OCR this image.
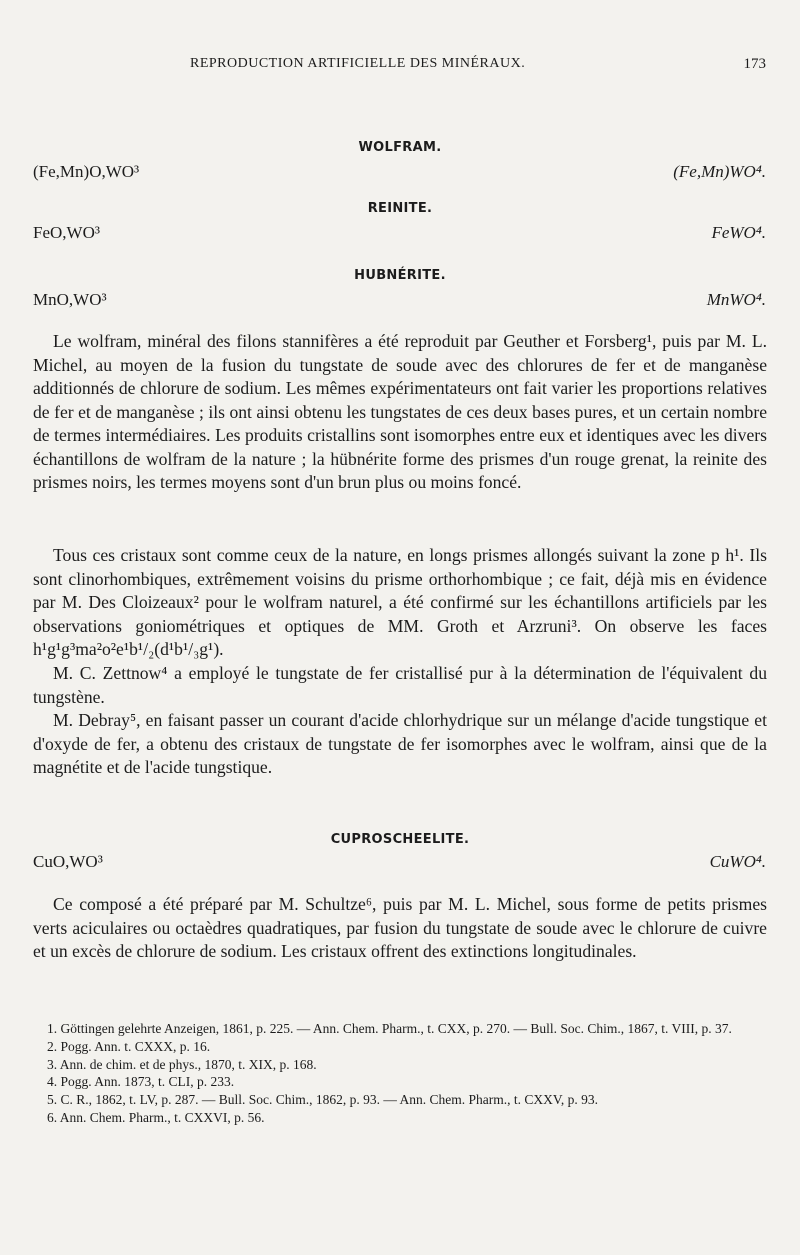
REPRODUCTION ARTIFICIELLE DES MINÉRAUX.	173
WOLFRAM.
(Fe,Mn)O,WO³	(Fe,Mn)WO⁴.
REINITE.
FeO,WO³	FeWO⁴.
HUBNÉRITE.
MnO,WO³	MnWO⁴.

Le wolfram, minéral des filons stannifères a été reproduit par Geuther et Forsberg¹, puis par M. L. Michel, au moyen de la fusion du tungstate de soude avec des chlorures de fer et de manganèse additionnés de chlorure de sodium. Les mêmes expérimentateurs ont fait varier les proportions relatives de fer et de manganèse ; ils ont ainsi obtenu les tungstates de ces deux bases pures, et un certain nombre de termes intermédiaires. Les produits cristallins sont isomorphes entre eux et identiques avec les divers échantillons de wolfram de la nature ; la hübnérite forme des prismes d'un rouge grenat, la reinite des prismes noirs, les termes moyens sont d'un brun plus ou moins foncé.

Tous ces cristaux sont comme ceux de la nature, en longs prismes allongés suivant la zone p h¹. Ils sont clinorhombiques, extrêmement voisins du prisme orthorhombique ; ce fait, déjà mis en évidence par M. Des Cloizeaux² pour le wolfram naturel, a été confirmé sur les échantillons artificiels par les observations goniométriques et optiques de MM. Groth et Arzruni³. On observe les faces h¹g¹g³ma²o²e¹b¹/₂(d¹b¹/₃g¹).

M. C. Zettnow⁴ a employé le tungstate de fer cristallisé pur à la détermination de l'équivalent du tungstène.

M. Debray⁵, en faisant passer un courant d'acide chlorhydrique sur un mélange d'acide tungstique et d'oxyde de fer, a obtenu des cristaux de tungstate de fer isomorphes avec le wolfram, ainsi que de la magnétite et de l'acide tungstique.

CUPROSCHEELITE.
CuO,WO³	CuWO⁴.

Ce composé a été préparé par M. Schultze⁶, puis par M. L. Michel, sous forme de petits prismes verts aciculaires ou octaèdres quadratiques, par fusion du tungstate de soude avec le chlorure de cuivre et un excès de chlorure de sodium. Les cristaux offrent des extinctions longitudinales.

1. Göttingen gelehrte Anzeigen, 1861, p. 225. — Ann. Chem. Pharm., t. CXX, p. 270. — Bull. Soc. Chim., 1867, t. VIII, p. 37.

2. Pogg. Ann. t. CXXX, p. 16.

3. Ann. de chim. et de phys., 1870, t. XIX, p. 168.

4. Pogg. Ann. 1873, t. CLI, p. 233.

5. C. R., 1862, t. LV, p. 287. — Bull. Soc. Chim., 1862, p. 93. — Ann. Chem. Pharm., t. CXXV, p. 93.

6. Ann. Chem. Pharm., t. CXXVI, p. 56.
